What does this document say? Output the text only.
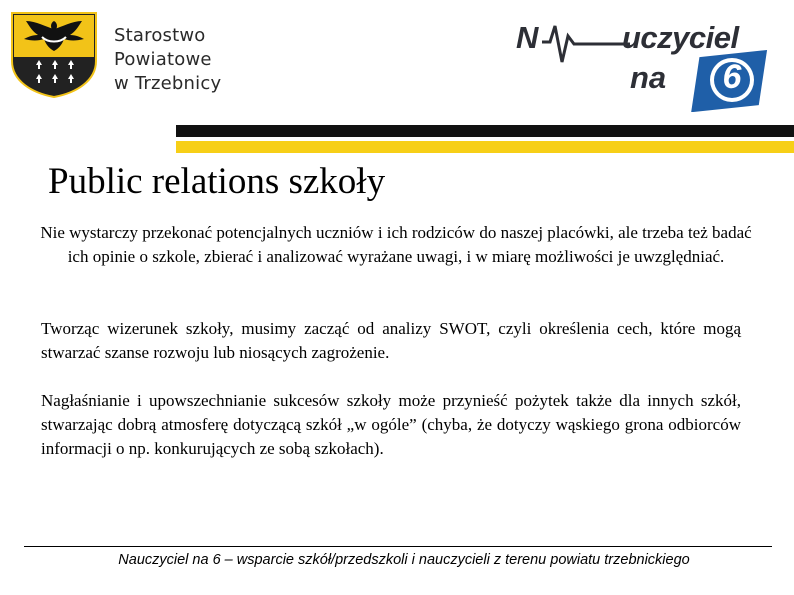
Starostwo
Powiatowe
w Trzebnicy
N	uczyciel
na 6
Public relations szkoły
Nie wystarczy przekonać potencjalnych uczniów i ich rodziców do naszej placówki, ale trzeba też badać ich opinie o szkole, zbierać i analizować wyrażane uwagi, i w miarę możliwości je uwzględniać.
Tworząc wizerunek szkoły, musimy zacząć od analizy SWOT, czyli określenia cech, które mogą stwarzać szanse rozwoju lub niosących zagrożenie.
Nagłaśnianie i upowszechnianie sukcesów szkoły może przynieść pożytek także dla innych szkół, stwarzając dobrą atmosferę dotyczącą szkół „w ogóle” (chyba, że dotyczy wąskiego grona odbiorców informacji o np. konkurujących ze sobą szkołach).
Nauczyciel na 6 – wsparcie szkół/przedszkoli i nauczycieli z terenu powiatu trzebnickiego
